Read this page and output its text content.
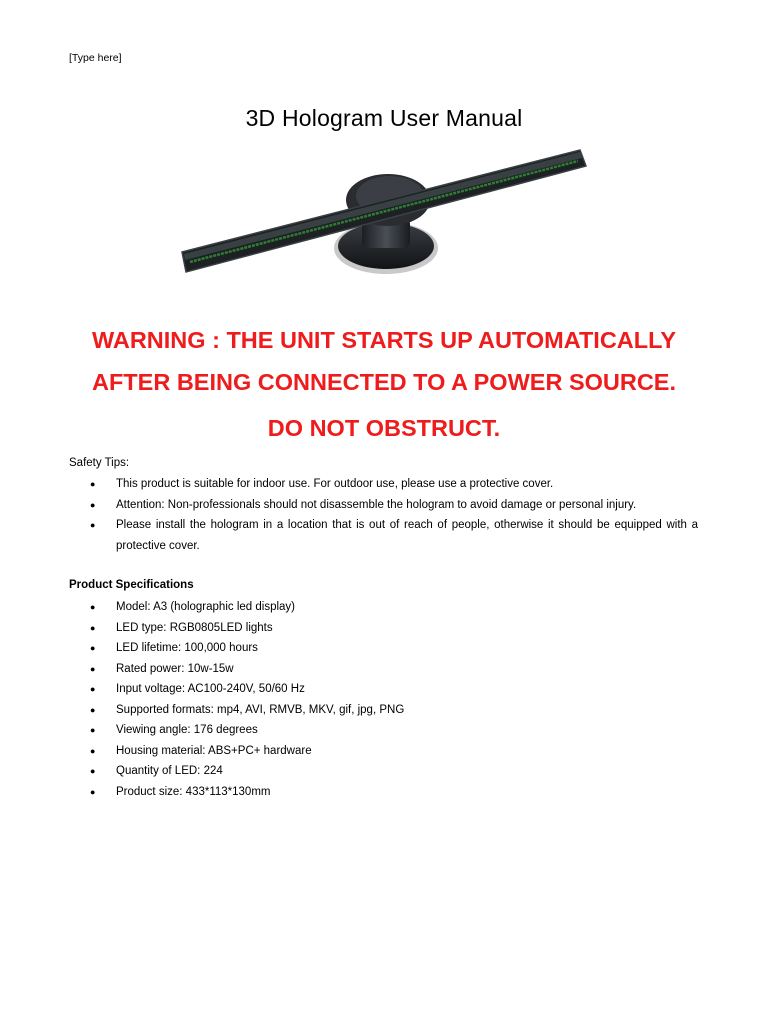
[Type here]
3D Hologram User Manual
WARNING : THE UNIT STARTS UP AUTOMATICALLY
AFTER BEING CONNECTED TO A POWER SOURCE.
DO NOT OBSTRUCT.
Safety Tips:
● This product is suitable for indoor use. For outdoor use, please use a protective cover.
● Attention: Non-professionals should not disassemble the hologram to avoid damage or personal injury.
● Please install the hologram in a location that is out of reach of people, otherwise it should be equipped with a protective cover.
Product Specifications
● Model: A3 (holographic led display)
● LED type: RGB0805LED lights
● LED lifetime: 100,000 hours
● Rated power: 10w-15w
● Input voltage: AC100-240V, 50/60 Hz
● Supported formats: mp4, AVI, RMVB, MKV, gif, jpg, PNG
● Viewing angle: 176 degrees
● Housing material: ABS+PC+ hardware
● Quantity of LED: 224
● Product size: 433*113*130mm
